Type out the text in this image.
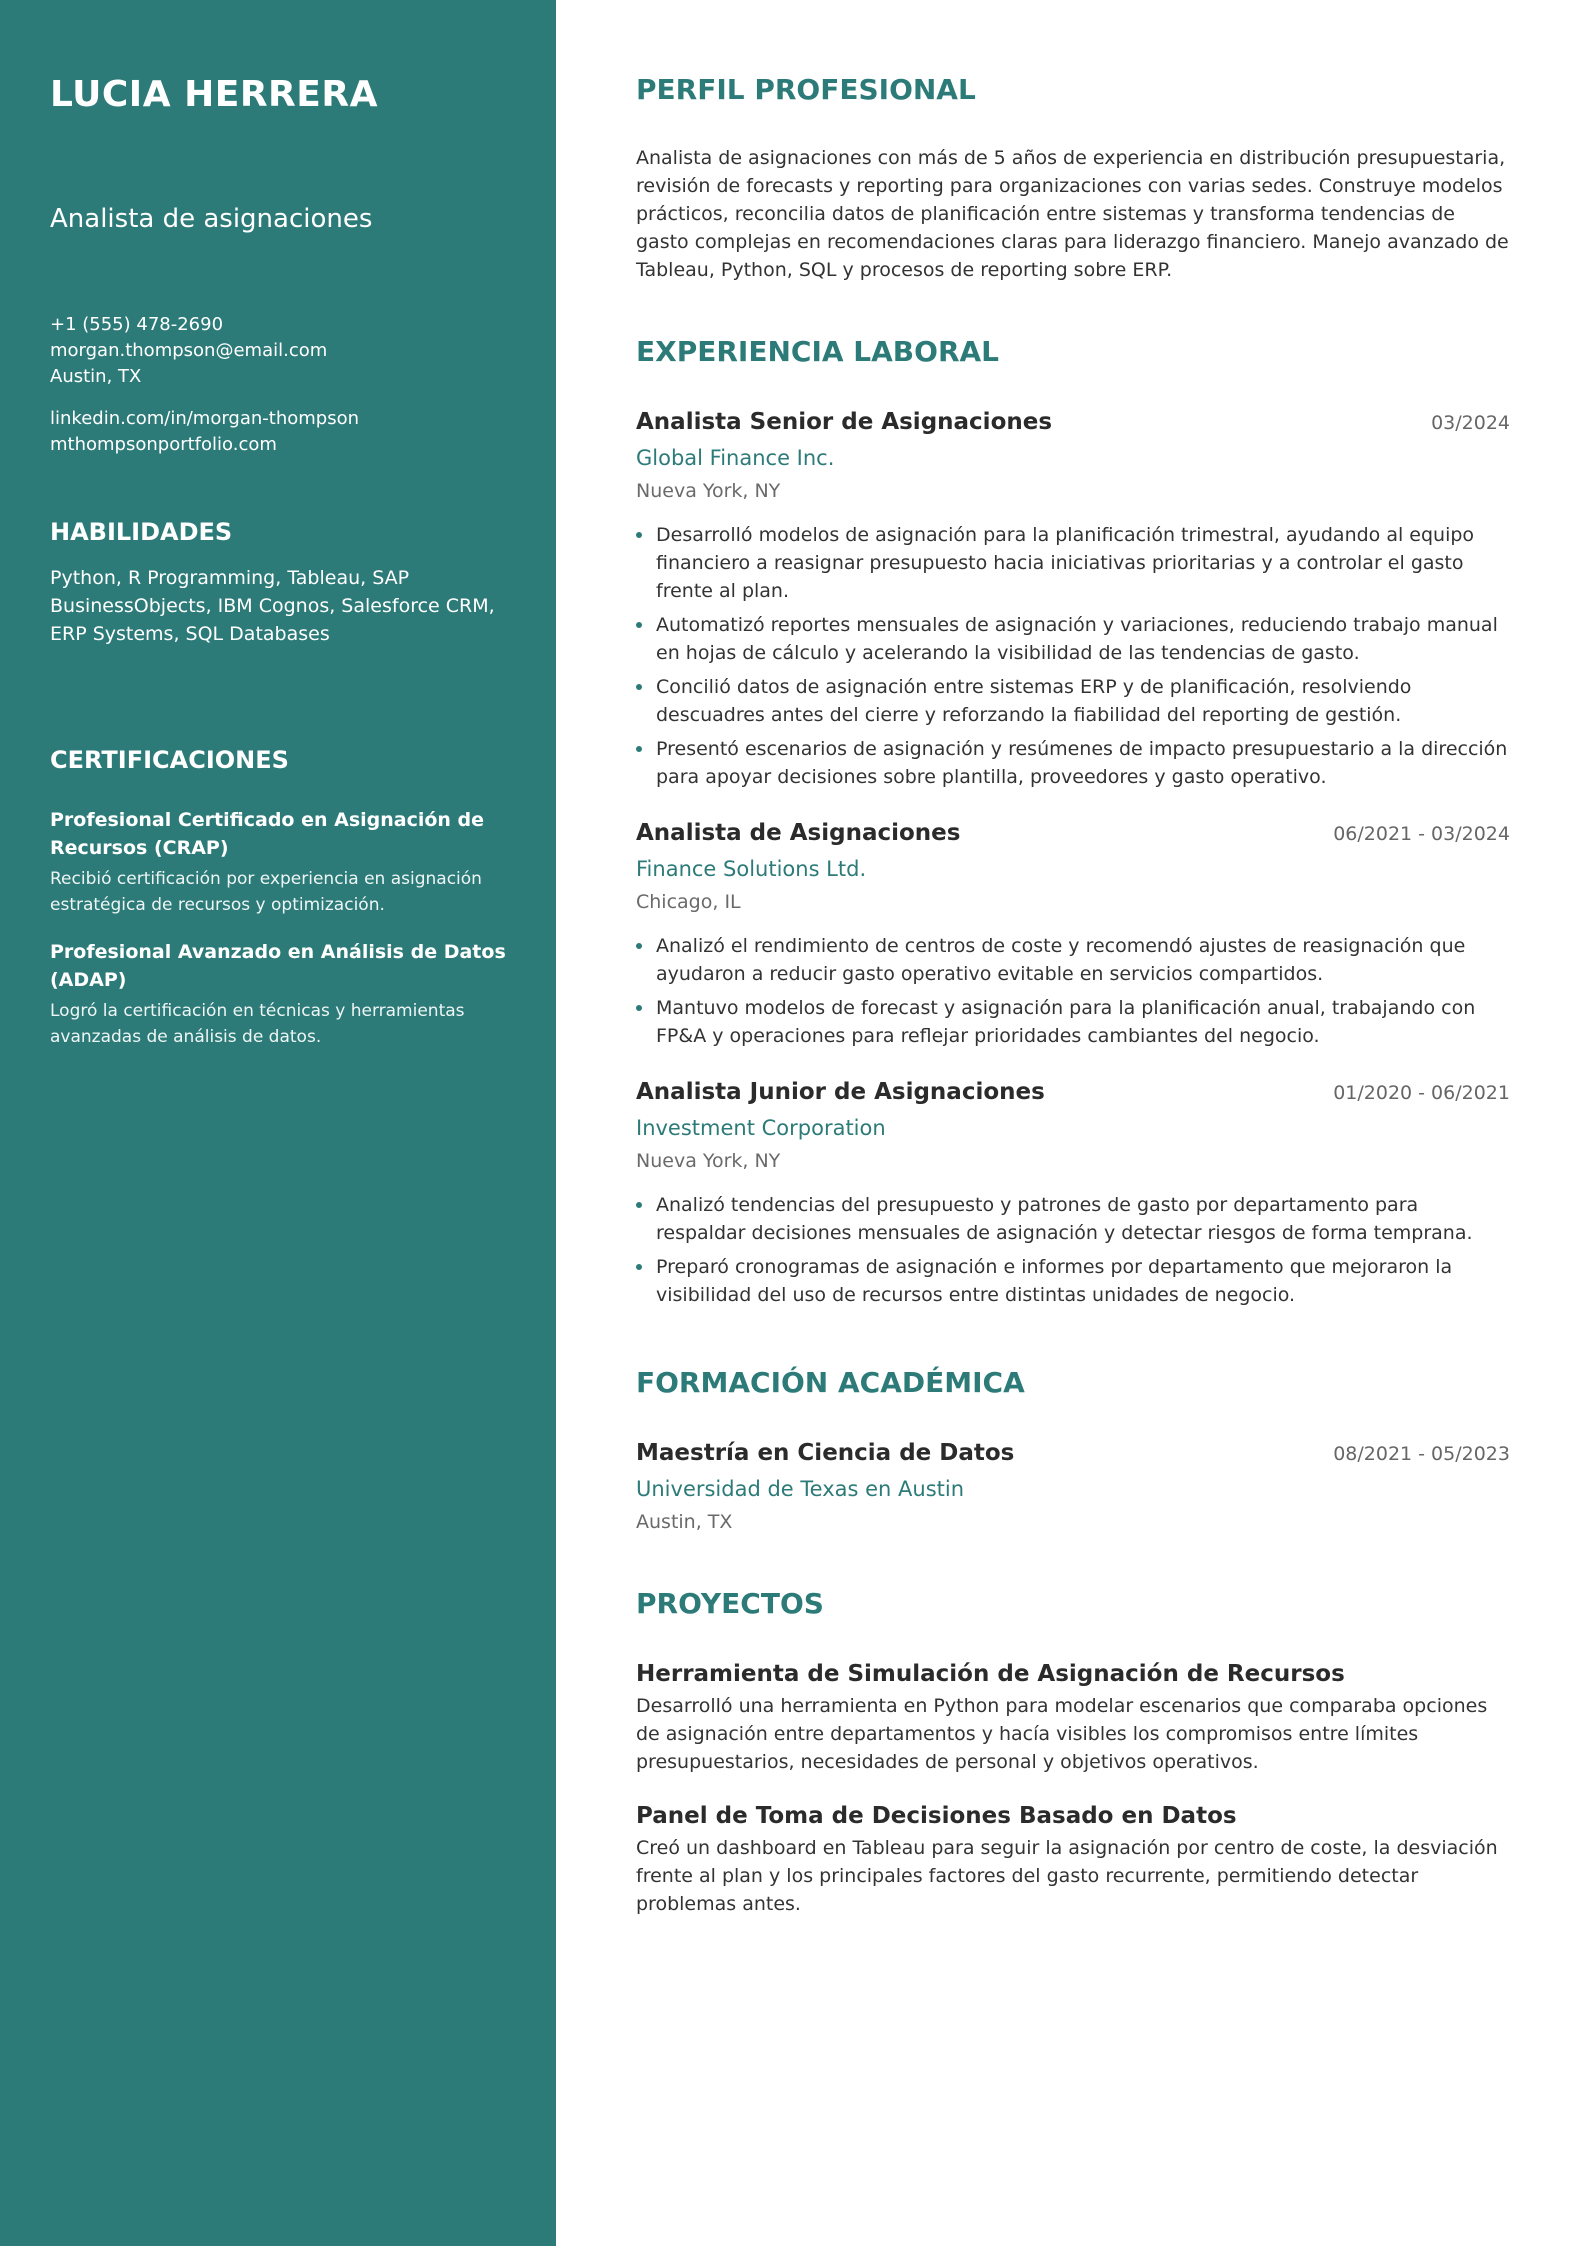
LUCIA HERRERA
Analista de asignaciones
+1 (555) 478-2690
morgan.thompson@email.com
Austin, TX
linkedin.com/in/morgan-thompson
mthompsonportfolio.com
HABILIDADES
Python, R Programming, Tableau, SAP BusinessObjects, IBM Cognos, Salesforce CRM, ERP Systems, SQL Databases
CERTIFICACIONES
Profesional Certificado en Asignación de Recursos (CRAP)
Recibió certificación por experiencia en asignación estratégica de recursos y optimización.
Profesional Avanzado en Análisis de Datos (ADAP)
Logró la certificación en técnicas y herramientas avanzadas de análisis de datos.
PERFIL PROFESIONAL

Analista de asignaciones con más de 5 años de experiencia en distribución presupuestaria, revisión de forecasts y reporting para organizaciones con varias sedes. Construye modelos prácticos, reconcilia datos de planificación entre sistemas y transforma tendencias de gasto complejas en recomendaciones claras para liderazgo financiero. Manejo avanzado de Tableau, Python, SQL y procesos de reporting sobre ERP.

EXPERIENCIA LABORAL
Analista Senior de Asignaciones	03/2024
Global Finance Inc.
Nueva York, NY
Desarrolló modelos de asignación para la planificación trimestral, ayudando al equipo financiero a reasignar presupuesto hacia iniciativas prioritarias y a controlar el gasto frente al plan.
Automatizó reportes mensuales de asignación y variaciones, reduciendo trabajo manual en hojas de cálculo y acelerando la visibilidad de las tendencias de gasto.
Concilió datos de asignación entre sistemas ERP y de planificación, resolviendo descuadres antes del cierre y reforzando la fiabilidad del reporting de gestión.
Presentó escenarios de asignación y resúmenes de impacto presupuestario a la dirección para apoyar decisiones sobre plantilla, proveedores y gasto operativo.
Analista de Asignaciones	06/2021 - 03/2024
Finance Solutions Ltd.
Chicago, IL
Analizó el rendimiento de centros de coste y recomendó ajustes de reasignación que ayudaron a reducir gasto operativo evitable en servicios compartidos.
Mantuvo modelos de forecast y asignación para la planificación anual, trabajando con FP&A y operaciones para reflejar prioridades cambiantes del negocio.
Analista Junior de Asignaciones	01/2020 - 06/2021
Investment Corporation
Nueva York, NY
Analizó tendencias del presupuesto y patrones de gasto por departamento para respaldar decisiones mensuales de asignación y detectar riesgos de forma temprana.
Preparó cronogramas de asignación e informes por departamento que mejoraron la visibilidad del uso de recursos entre distintas unidades de negocio.
FORMACIÓN ACADÉMICA
Maestría en Ciencia de Datos	08/2021 - 05/2023
Universidad de Texas en Austin
Austin, TX
PROYECTOS
Herramienta de Simulación de Asignación de Recursos
Desarrolló una herramienta en Python para modelar escenarios que comparaba opciones de asignación entre departamentos y hacía visibles los compromisos entre límites presupuestarios, necesidades de personal y objetivos operativos.
Panel de Toma de Decisiones Basado en Datos
Creó un dashboard en Tableau para seguir la asignación por centro de coste, la desviación frente al plan y los principales factores del gasto recurrente, permitiendo detectar problemas antes.
